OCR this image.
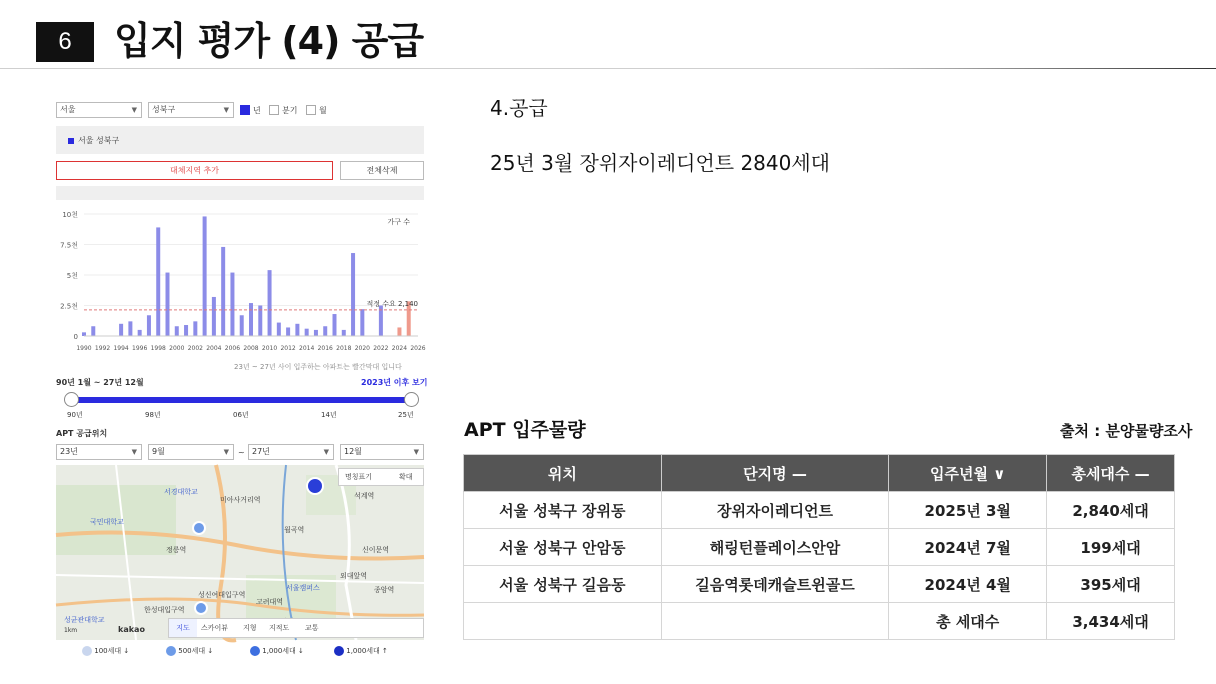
6	입지 평가 (4) 공급
서울	▼	성북구	▼	년	분기	월
서울 성북구
대체지역 추가	전체삭제
0
2.5천
5천
7.5천
10천
적정 수요 2,140
가구 수
1990 1992 1994 1996 1998 2000 2002 2004 2006 2008 2010 2012 2014 2016 2018 2020 2022 2024 2026
23년 ~ 27년 사이 입주하는 아파트는 빨간막대 입니다
90년 1월 ~ 27년 12월	2023년 이후 보기
90년	98년	06년	14년	25년
APT 공급위치
23년	▼	9월	▼ ~ 27년	▼	12월	▼
서경대학교
미아사거리역
국민대학교
정릉역
성신여대입구역
한성대입구역
성균관대학교
고려대역
월곡역
석계역
신이문역
외대앞역
종암역
서울캠퍼스
명칭표기	확대
1km	kakao	지도	스카이뷰 지형 지적도 교통
100세대 ↓	500세대 ↓	1,000세대 ↓	1,000세대 ↑
4.공급
25년 3월 장위자이레디언트 2840세대
APT 입주물량	출처 : 분양물량조사
위치	단지명 —	입주년월 ∨	총세대수 —
서울 성북구 장위동	장위자이레디언트	2025년 3월	2,840세대
서울 성북구 안암동	해링턴플레이스안암	2024년 7월	199세대
서울 성북구 길음동	길음역롯데캐슬트윈골드	2024년 4월	395세대
		총 세대수	3,434세대
